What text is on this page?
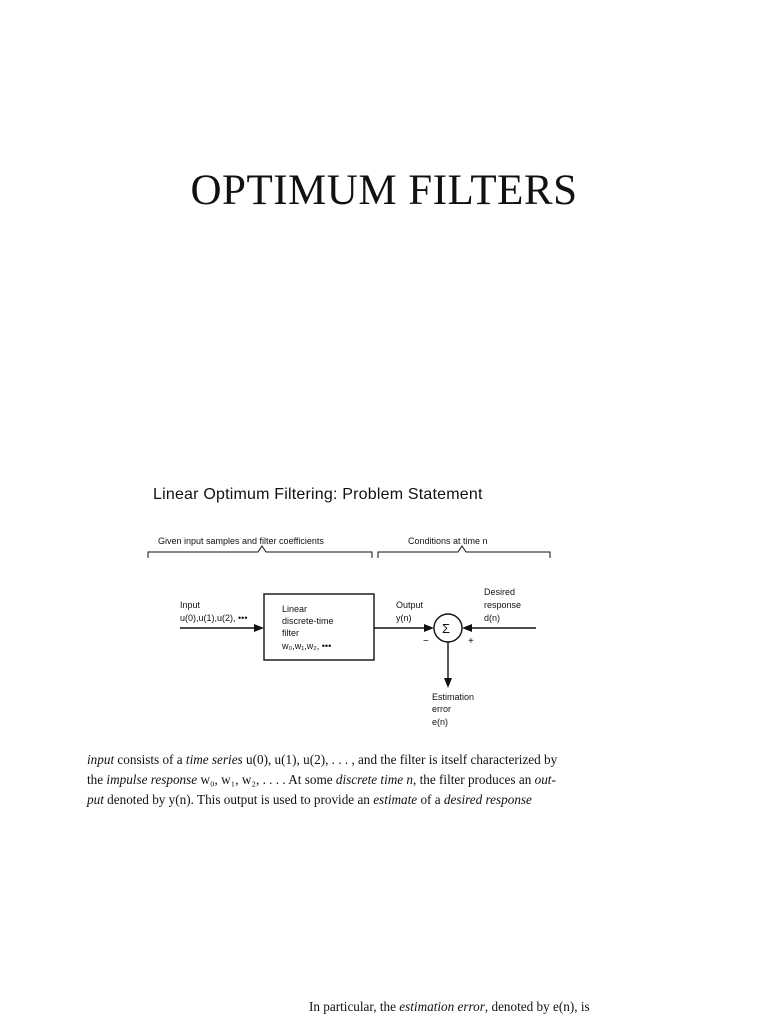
OPTIMUM FILTERS
Linear Optimum Filtering: Problem Statement
Given input samples and filter coefficients	Conditions at time n
Input
u(0),u(1),u(2), •••
Linear
discrete-time
filter
w₀,w₁,w₂, •••
Output
y(n)
Σ
−	+
Desired
response
d(n)
Estimation
error
e(n)
input consists of a time series u(0), u(1), u(2), . . . , and the filter is itself characterized by
the impulse response w₀, w₁, w₂, . . . . At some discrete time n, the filter produces an out-
put denoted by y(n). This output is used to provide an estimate of a desired response
In particular, the estimation error, denoted by e(n), is
